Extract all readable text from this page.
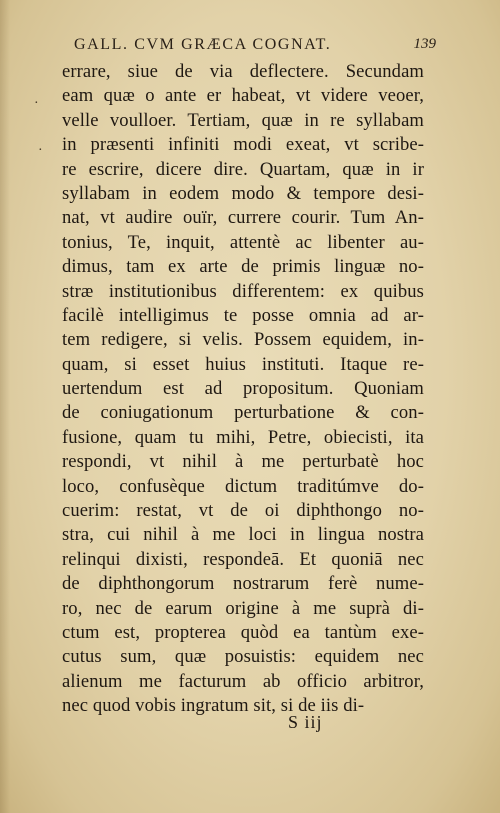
·
·
GALL. CVM GRÆCA COGNAT.	139
errare, siue de via deflectere. Secundam
eam quæ o ante er habeat, vt videre veoer,
velle voulloer. Tertiam, quæ in re syllabam
in præsenti infiniti modi exeat, vt scribe-
re escrire, dicere dire. Quartam, quæ in ir
syllabam in eodem modo & tempore desi-
nat, vt audire ouïr, currere courir. Tum An-
tonius, Te, inquit, attentè ac libenter au-
dimus, tam ex arte de primis linguæ no-
stræ institutionibus differentem: ex quibus
facilè intelligimus te posse omnia ad ar-
tem redigere, si velis. Possem equidem, in-
quam, si esset huius instituti. Itaque re-
uertendum est ad propositum. Quoniam
de coniugationum perturbatione & con-
fusione, quam tu mihi, Petre, obiecisti, ita
respondi, vt nihil à me perturbatè hoc
loco, confusèque dictum traditúmve do-
cuerim: restat, vt de oi diphthongo no-
stra, cui nihil à me loci in lingua nostra
relinqui dixisti, respondeā. Et quoniā nec
de diphthongorum nostrarum ferè nume-
ro, nec de earum origine à me suprà di-
ctum est, propterea quòd ea tantùm exe-
cutus sum, quæ posuistis: equidem nec
alienum me facturum ab officio arbitror,
nec quod vobis ingratum sit, si de iis di-
S iij
